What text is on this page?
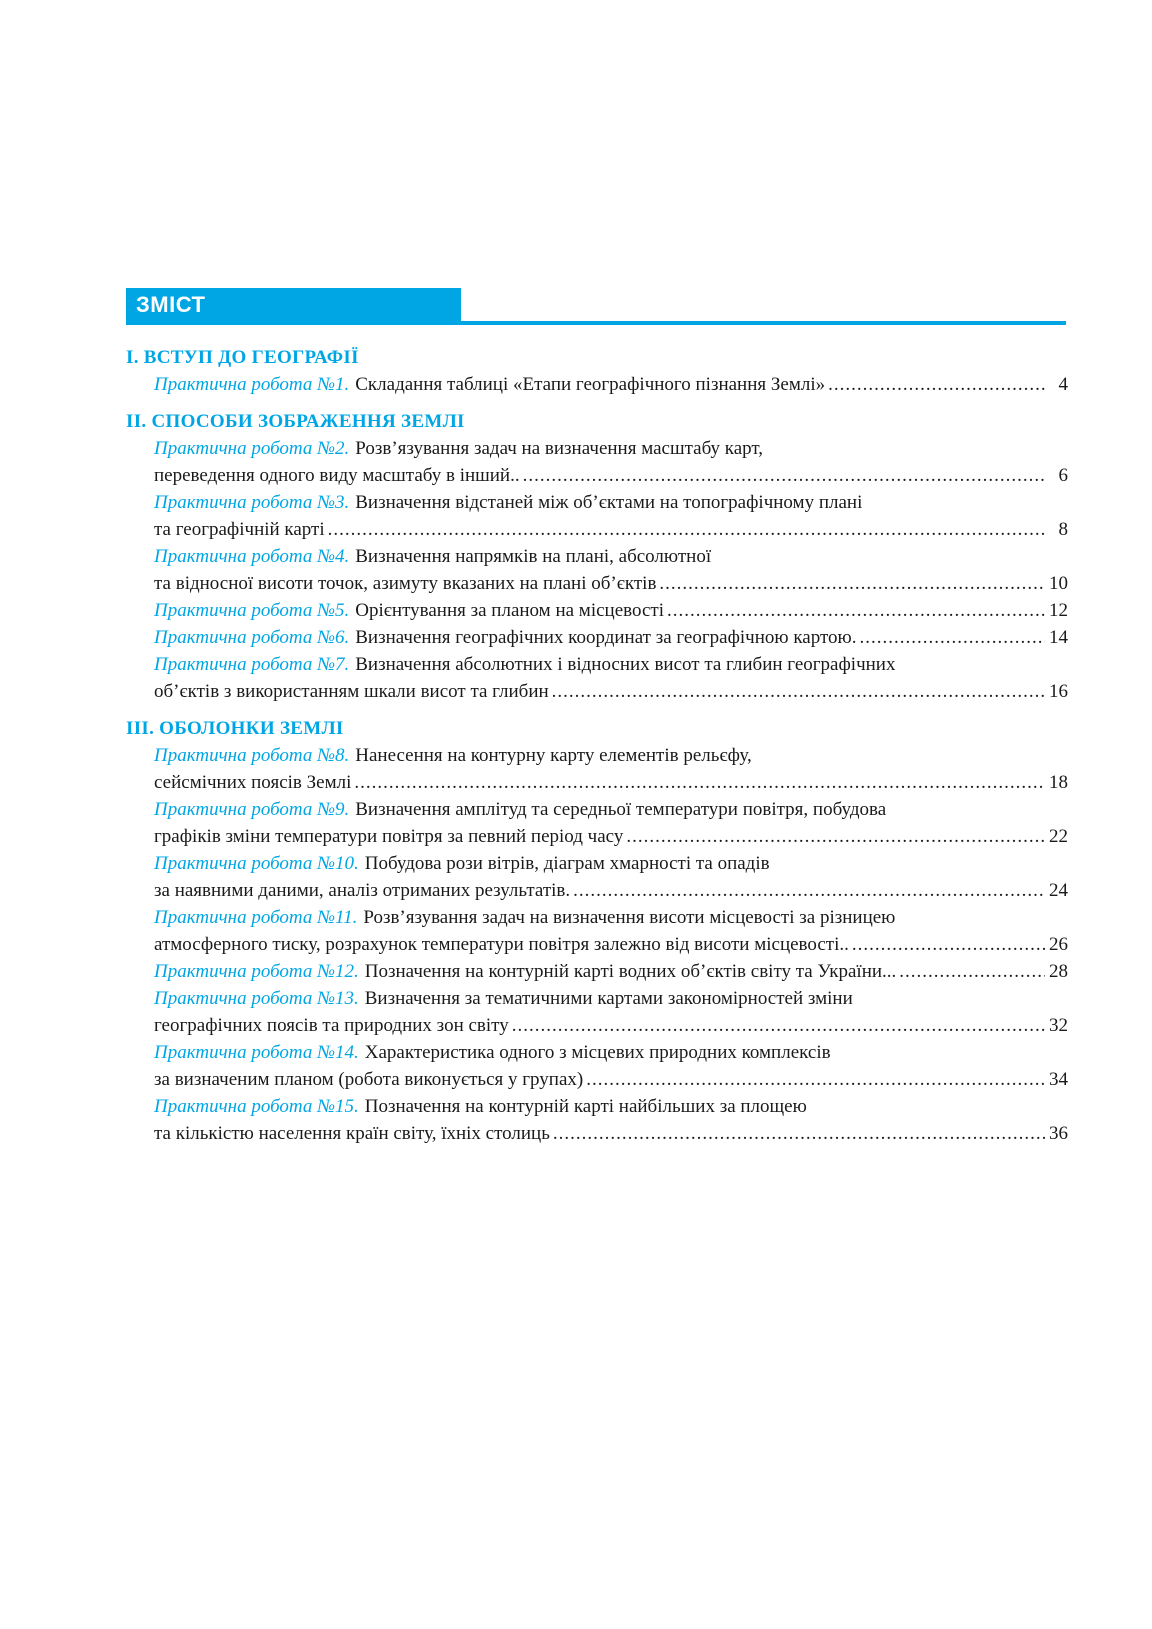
ЗМІСТ
І. ВСТУП ДО ГЕОГРАФІЇ
Практична робота №1. Складання таблиці «Етапи географічного пізнання Землі» .....	4
ІІ. СПОСОБИ ЗОБРАЖЕННЯ ЗЕМЛІ
Практична робота №2. Розв’язування задач на визначення масштабу карт,
переведення одного виду масштабу в інший.. .....	6
Практична робота №3. Визначення відстаней між об’єктами на топографічному плані
та географічній карті .....	8
Практична робота №4. Визначення напрямків на плані, абсолютної
та відносної висоти точок, азимуту вказаних на плані об’єктів .....	10
Практична робота №5. Орієнтування за планом на місцевості .....	12
Практична робота №6. Визначення географічних координат за географічною картою. .....	14
Практична робота №7. Визначення абсолютних і відносних висот та глибин географічних
об’єктів з використанням шкали висот та глибин .....	16
ІІІ. ОБОЛОНКИ ЗЕМЛІ
Практична робота №8. Нанесення на контурну карту елементів рельєфу,
сейсмічних поясів Землі .....	18
Практична робота №9. Визначення амплітуд та середньої температури повітря, побудова
графіків зміни температури повітря за певний період часу .....	22
Практична робота №10. Побудова рози вітрів, діаграм хмарності та опадів
за наявними даними, аналіз отриманих результатів. .....	24
Практична робота №11. Розв’язування задач на визначення висоти місцевості за різницею
атмосферного тиску, розрахунок температури повітря залежно від висоти місцевості.. .....	26
Практична робота №12. Позначення на контурній карті водних об’єктів світу та України... .....	28
Практична робота №13. Визначення за тематичними картами закономірностей зміни
географічних поясів та природних зон світу .....	32
Практична робота №14. Характеристика одного з місцевих природних комплексів
за визначеним планом (робота виконується у групах) .....	34
Практична робота №15. Позначення на контурній карті найбільших за площею
та кількістю населення країн світу, їхніх столиць .....	36
